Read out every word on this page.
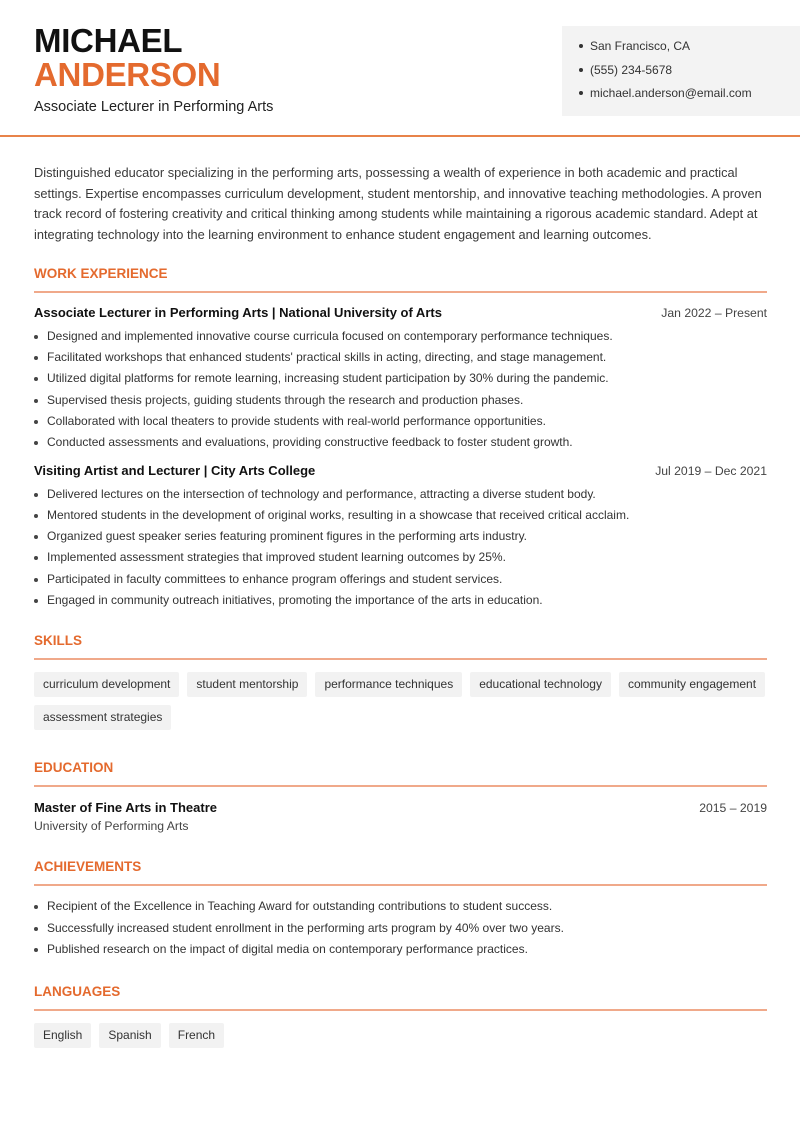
MICHAEL
ANDERSON
Associate Lecturer in Performing Arts
San Francisco, CA
(555) 234-5678
michael.anderson@email.com

Distinguished educator specializing in the performing arts, possessing a wealth of experience in both academic and practical settings. Expertise encompasses curriculum development, student mentorship, and innovative teaching methodologies. A proven track record of fostering creativity and critical thinking among students while maintaining a rigorous academic standard. Adept at integrating technology into the learning environment to enhance student engagement and learning outcomes.

WORK EXPERIENCE
Associate Lecturer in Performing Arts | National University of Arts	Jan 2022 – Present
Designed and implemented innovative course curricula focused on contemporary performance techniques.
Facilitated workshops that enhanced students' practical skills in acting, directing, and stage management.
Utilized digital platforms for remote learning, increasing student participation by 30% during the pandemic.
Supervised thesis projects, guiding students through the research and production phases.
Collaborated with local theaters to provide students with real-world performance opportunities.
Conducted assessments and evaluations, providing constructive feedback to foster student growth.
Visiting Artist and Lecturer | City Arts College	Jul 2019 – Dec 2021
Delivered lectures on the intersection of technology and performance, attracting a diverse student body.
Mentored students in the development of original works, resulting in a showcase that received critical acclaim.
Organized guest speaker series featuring prominent figures in the performing arts industry.
Implemented assessment strategies that improved student learning outcomes by 25%.
Participated in faculty committees to enhance program offerings and student services.
Engaged in community outreach initiatives, promoting the importance of the arts in education.
SKILLS
curriculum development	student mentorship	performance techniques	educational technology	community engagement
assessment strategies
EDUCATION
Master of Fine Arts in Theatre	2015 – 2019
University of Performing Arts
ACHIEVEMENTS
Recipient of the Excellence in Teaching Award for outstanding contributions to student success.
Successfully increased student enrollment in the performing arts program by 40% over two years.
Published research on the impact of digital media on contemporary performance practices.
LANGUAGES
English	Spanish	French
